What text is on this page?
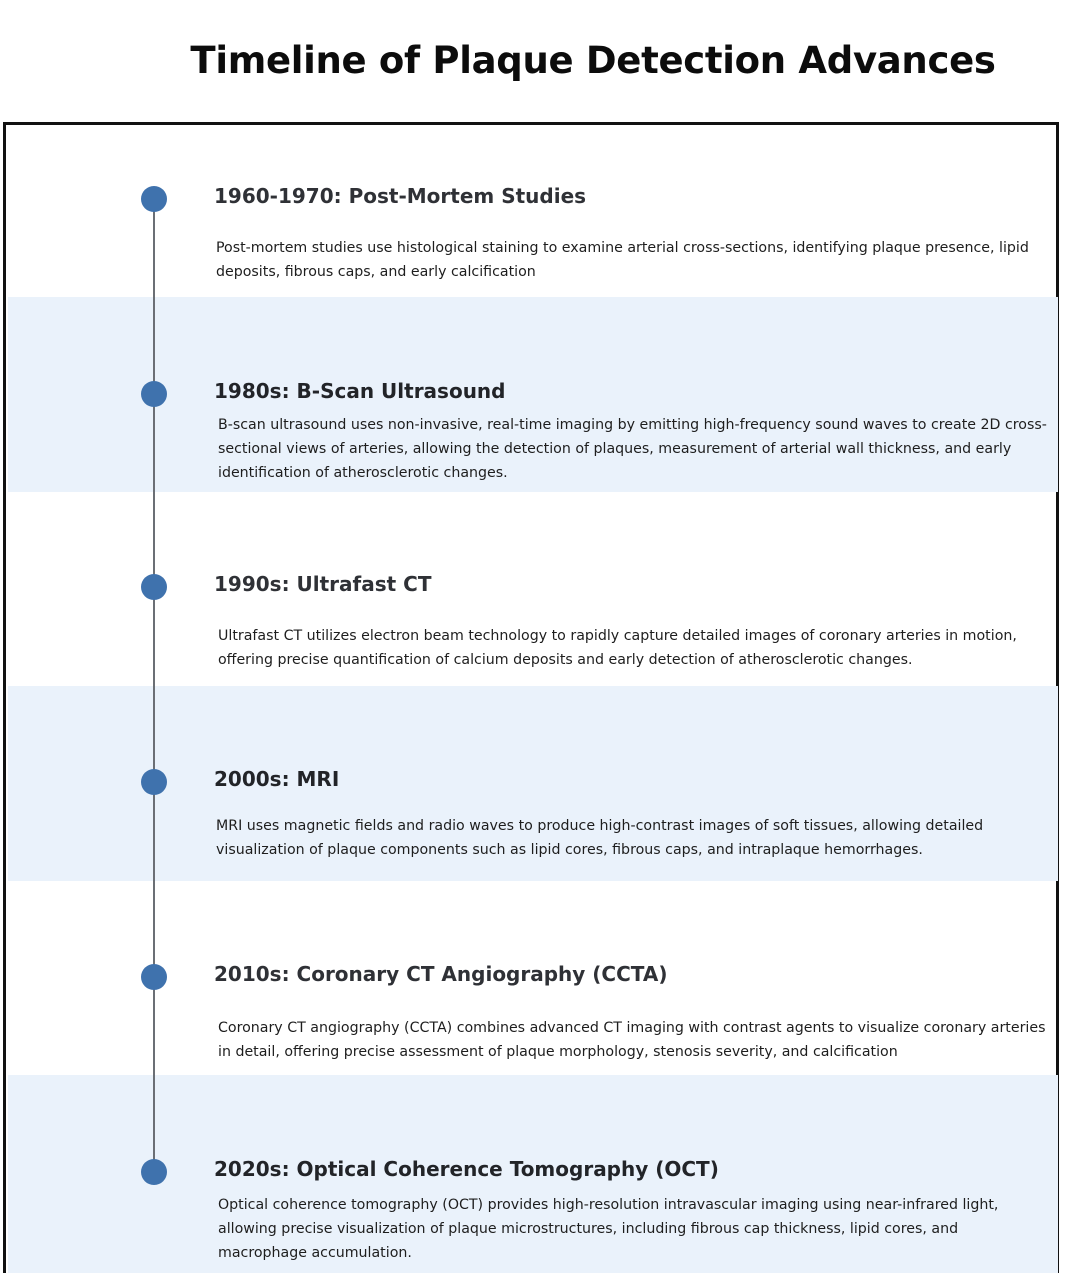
Timeline of Plaque Detection Advances
1960-1970: Post-Mortem Studies

Post-mortem studies use histological staining to examine arterial cross-sections, identifying plaque presence, lipid deposits, fibrous caps, and early calcification

1980s: B-Scan Ultrasound

B-scan ultrasound uses non-invasive, real-time imaging by emitting high-frequency sound waves to create 2D cross-sectional views of arteries, allowing the detection of plaques, measurement of arterial wall thickness, and early identification of atherosclerotic changes.

1990s: Ultrafast CT

Ultrafast CT utilizes electron beam technology to rapidly capture detailed images of coronary arteries in motion, offering precise quantification of calcium deposits and early detection of atherosclerotic changes.

2000s: MRI

MRI uses magnetic fields and radio waves to produce high-contrast images of soft tissues, allowing detailed visualization of plaque components such as lipid cores, fibrous caps, and intraplaque hemorrhages.

2010s: Coronary CT Angiography (CCTA)

Coronary CT angiography (CCTA) combines advanced CT imaging with contrast agents to visualize coronary arteries in detail, offering precise assessment of plaque morphology, stenosis severity, and calcification

2020s: Optical Coherence Tomography (OCT)

Optical coherence tomography (OCT) provides high-resolution intravascular imaging using near-infrared light, allowing precise visualization of plaque microstructures, including fibrous cap thickness, lipid cores, and macrophage accumulation.
